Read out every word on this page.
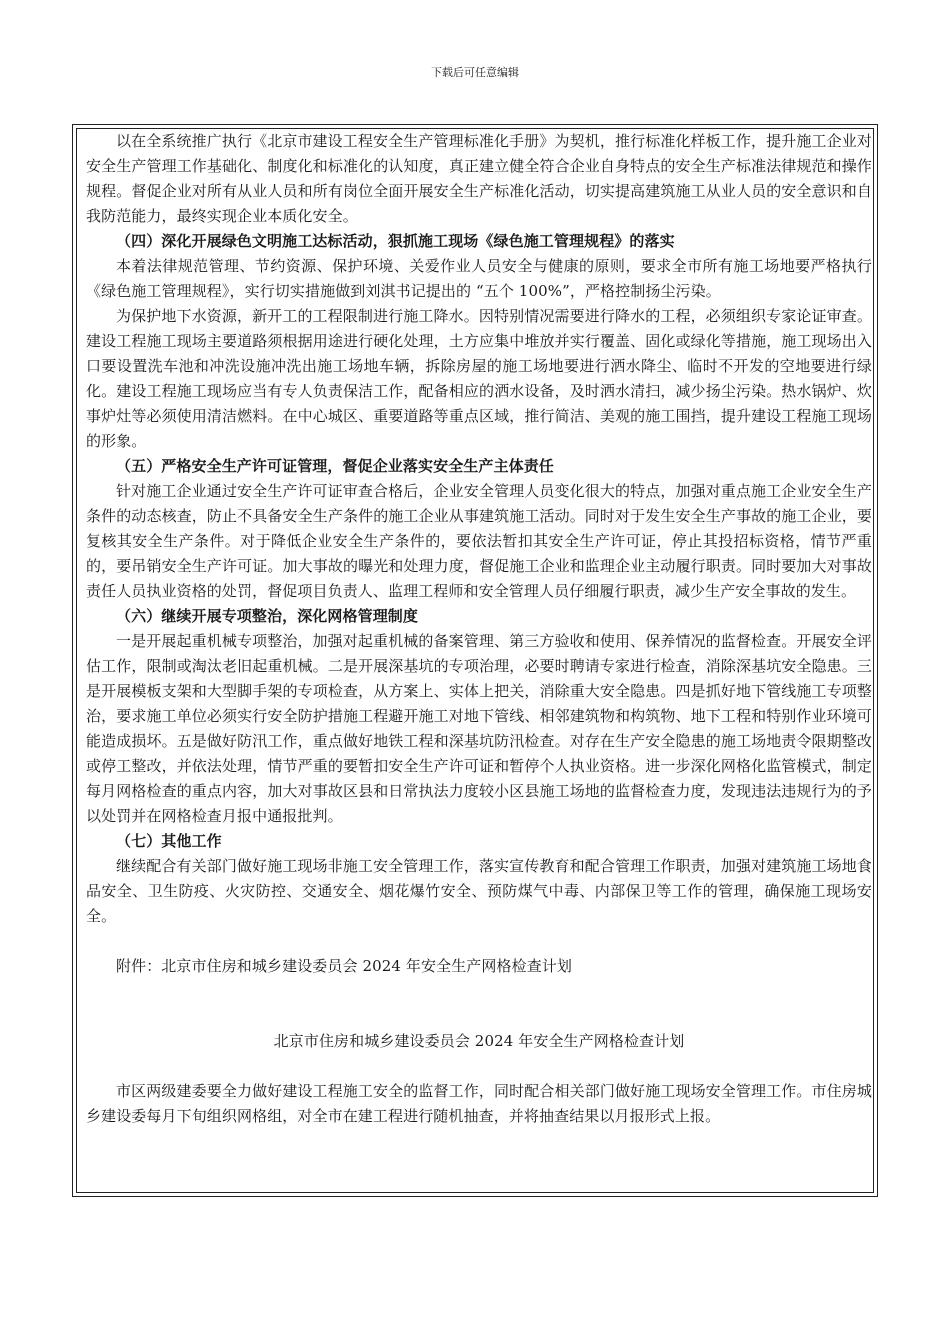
下载后可任意编辑

以在全系统推广执行《北京市建设工程安全生产管理标准化手册》为契机，推行标准化样板工作，提升施工企业对安全生产管理工作基础化、制度化和标准化的认知度，真正建立健全符合企业自身特点的安全生产标准法律规范和操作规程。督促企业对所有从业人员和所有岗位全面开展安全生产标准化活动，切实提高建筑施工从业人员的安全意识和自我防范能力，最终实现企业本质化安全。

（四）深化开展绿色文明施工达标活动，狠抓施工现场《绿色施工管理规程》的落实

本着法律规范管理、节约资源、保护环境、关爱作业人员安全与健康的原则，要求全市所有施工场地要严格执行《绿色施工管理规程》，实行切实措施做到刘淇书记提出的 “五个 100%”，严格控制扬尘污染。

为保护地下水资源，新开工的工程限制进行施工降水。因特别情况需要进行降水的工程，必须组织专家论证审查。建设工程施工现场主要道路须根据用途进行硬化处理，土方应集中堆放并实行覆盖、固化或绿化等措施，施工现场出入口要设置洗车池和冲洗设施冲洗出施工场地车辆，拆除房屋的施工场地要进行洒水降尘、临时不开发的空地要进行绿化。建设工程施工现场应当有专人负责保洁工作，配备相应的洒水设备，及时洒水清扫，减少扬尘污染。热水锅炉、炊事炉灶等必须使用清洁燃料。在中心城区、重要道路等重点区域，推行简洁、美观的施工围挡，提升建设工程施工现场的形象。

（五）严格安全生产许可证管理，督促企业落实安全生产主体责任

针对施工企业通过安全生产许可证审查合格后，企业安全管理人员变化很大的特点，加强对重点施工企业安全生产条件的动态核查，防止不具备安全生产条件的施工企业从事建筑施工活动。同时对于发生安全生产事故的施工企业，要复核其安全生产条件。对于降低企业安全生产条件的，要依法暂扣其安全生产许可证，停止其投招标资格，情节严重的，要吊销安全生产许可证。加大事故的曝光和处理力度，督促施工企业和监理企业主动履行职责。同时要加大对事故责任人员执业资格的处罚，督促项目负责人、监理工程师和安全管理人员仔细履行职责，减少生产安全事故的发生。

（六）继续开展专项整治，深化网格管理制度

一是开展起重机械专项整治，加强对起重机械的备案管理、第三方验收和使用、保养情况的监督检查。开展安全评估工作，限制或淘汰老旧起重机械。二是开展深基坑的专项治理，必要时聘请专家进行检查，消除深基坑安全隐患。三是开展模板支架和大型脚手架的专项检查，从方案上、实体上把关，消除重大安全隐患。四是抓好地下管线施工专项整治，要求施工单位必须实行安全防护措施工程避开施工对地下管线、相邻建筑物和构筑物、地下工程和特别作业环境可能造成损坏。五是做好防汛工作，重点做好地铁工程和深基坑防汛检查。对存在生产安全隐患的施工场地责令限期整改或停工整改，并依法处理，情节严重的要暂扣安全生产许可证和暂停个人执业资格。进一步深化网格化监管模式，制定每月网格检查的重点内容，加大对事故区县和日常执法力度较小区县施工场地的监督检查力度，发现违法违规行为的予以处罚并在网格检查月报中通报批判。

（七）其他工作

继续配合有关部门做好施工现场非施工安全管理工作，落实宣传教育和配合管理工作职责，加强对建筑施工场地食品安全、卫生防疫、火灾防控、交通安全、烟花爆竹安全、预防煤气中毒、内部保卫等工作的管理，确保施工现场安全。

附件：北京市住房和城乡建设委员会 2024 年安全生产网格检查计划

北京市住房和城乡建设委员会 2024 年安全生产网格检查计划

市区两级建委要全力做好建设工程施工安全的监督工作，同时配合相关部门做好施工现场安全管理工作。市住房城乡建设委每月下旬组织网格组，对全市在建工程进行随机抽查，并将抽查结果以月报形式上报。
